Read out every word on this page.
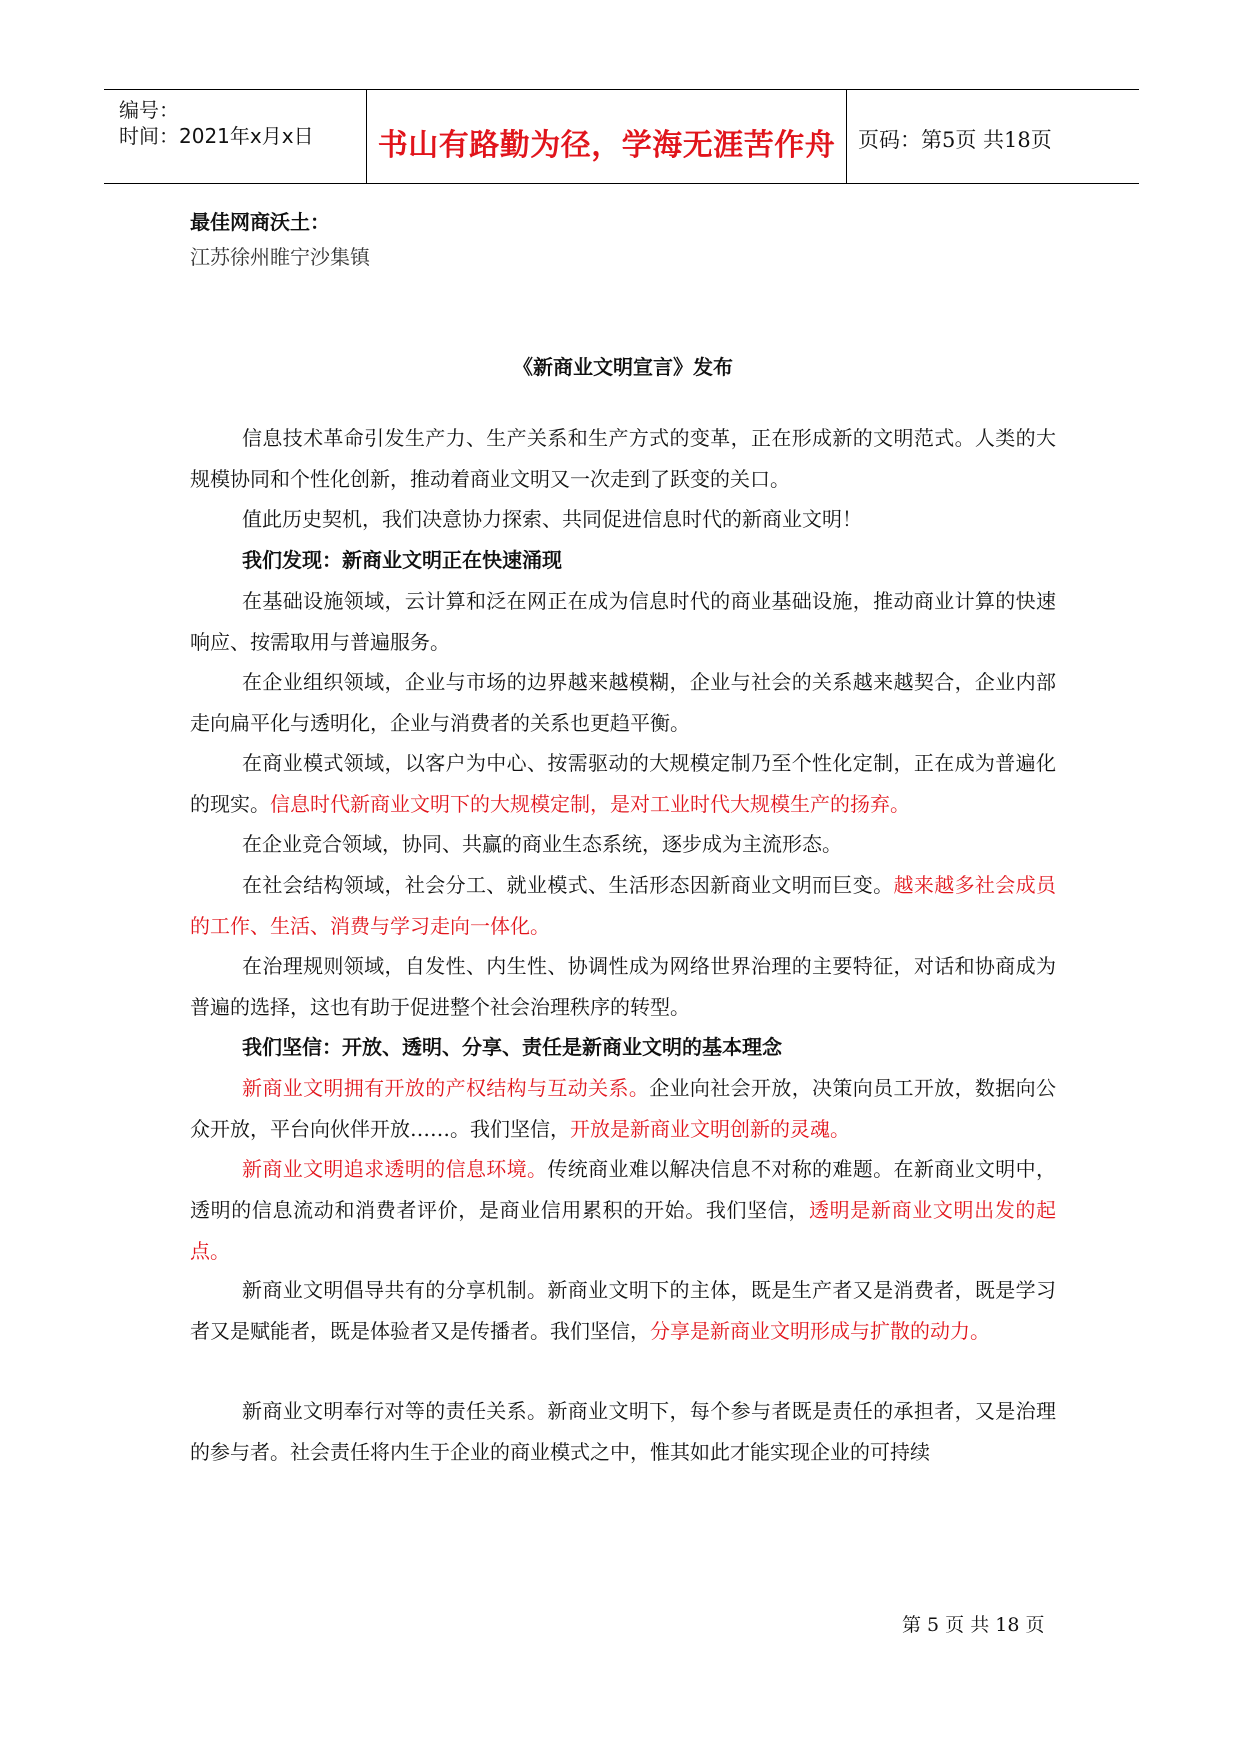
编号：
时间：2021年x月x日	书山有路勤为径，学海无涯苦作舟	页码：第5页 共18页

最佳网商沃土：

江苏徐州睢宁沙集镇

《新商业文明宣言》发布

信息技术革命引发生产力、生产关系和生产方式的变革，正在形成新的文明范式。人类的大规模协同和个性化创新，推动着商业文明又一次走到了跃变的关口。

值此历史契机，我们决意协力探索、共同促进信息时代的新商业文明！

我们发现：新商业文明正在快速涌现

在基础设施领域，云计算和泛在网正在成为信息时代的商业基础设施，推动商业计算的快速响应、按需取用与普遍服务。

在企业组织领域，企业与市场的边界越来越模糊，企业与社会的关系越来越契合，企业内部走向扁平化与透明化，企业与消费者的关系也更趋平衡。

在商业模式领域，以客户为中心、按需驱动的大规模定制乃至个性化定制，正在成为普遍化的现实。信息时代新商业文明下的大规模定制，是对工业时代大规模生产的扬弃。

在企业竞合领域，协同、共赢的商业生态系统，逐步成为主流形态。

在社会结构领域，社会分工、就业模式、生活形态因新商业文明而巨变。越来越多社会成员的工作、生活、消费与学习走向一体化。

在治理规则领域，自发性、内生性、协调性成为网络世界治理的主要特征，对话和协商成为普遍的选择，这也有助于促进整个社会治理秩序的转型。

我们坚信：开放、透明、分享、责任是新商业文明的基本理念

新商业文明拥有开放的产权结构与互动关系。企业向社会开放，决策向员工开放，数据向公众开放，平台向伙伴开放……。我们坚信，开放是新商业文明创新的灵魂。

新商业文明追求透明的信息环境。传统商业难以解决信息不对称的难题。在新商业文明中，透明的信息流动和消费者评价，是商业信用累积的开始。我们坚信，透明是新商业文明出发的起点。

新商业文明倡导共有的分享机制。新商业文明下的主体，既是生产者又是消费者，既是学习者又是赋能者，既是体验者又是传播者。我们坚信，分享是新商业文明形成与扩散的动力。

新商业文明奉行对等的责任关系。新商业文明下，每个参与者既是责任的承担者，又是治理的参与者。社会责任将内生于企业的商业模式之中，惟其如此才能实现企业的可持续

第 5 页 共 18 页
